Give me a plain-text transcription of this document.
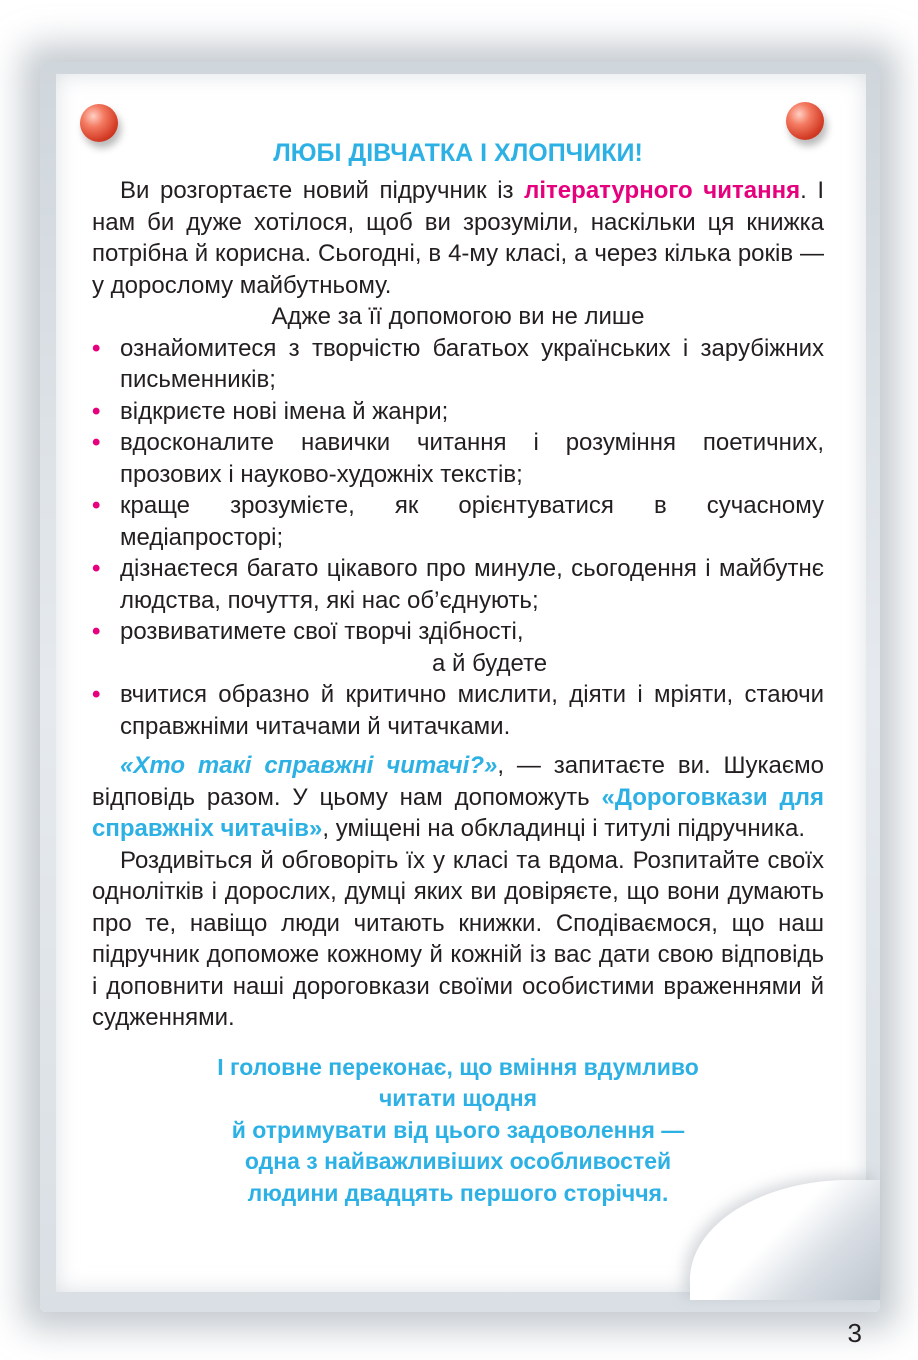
ЛЮБІ ДІВЧАТКА І ХЛОПЧИКИ!

Ви розгортаєте новий підручник із літературного читання. І нам би дуже хотілося, щоб ви зрозуміли, наскільки ця книжка потрібна й корисна. Сьогодні, в 4-му класі, а через кілька років — у дорослому майбутньому.

Адже за її допомогою ви не лише

• ознайомитеся з творчістю багатьох українських і зарубіжних письменників;
• відкриєте нові імена й жанри;
• вдосконалите навички читання і розуміння поетичних, прозових і науково-художніх текстів;
• краще зрозумієте, як орієнтуватися в сучасному медіапросторі;
• дізнаєтеся багато цікавого про минуле, сьогодення і майбутнє людства, почуття, які нас об’єднують;
• розвиватимете свої творчі здібності,

а й будете

• вчитися образно й критично мислити, діяти і мріяти, стаючи справжніми читачами й читачками.

«Хто такі справжні читачі?», — запитаєте ви. Шукаємо відповідь разом. У цьому нам допоможуть «Дороговкази для справжніх читачів», уміщені на обкладинці і титулі підручника.

Роздивіться й обговоріть їх у класі та вдома. Розпитайте своїх однолітків і дорослих, думці яких ви довіряєте, що вони думають про те, навіщо люди читають книжки. Сподіваємося, що наш підручник допоможе кожному й кожній із вас дати свою відповідь і доповнити наші дороговкази своїми особистими враженнями й судженнями.

І головне переконає, що вміння вдумливо
читати щодня
й отримувати від цього задоволення —
одна з найважливіших особливостей
людини двадцять першого сторіччя.
3
